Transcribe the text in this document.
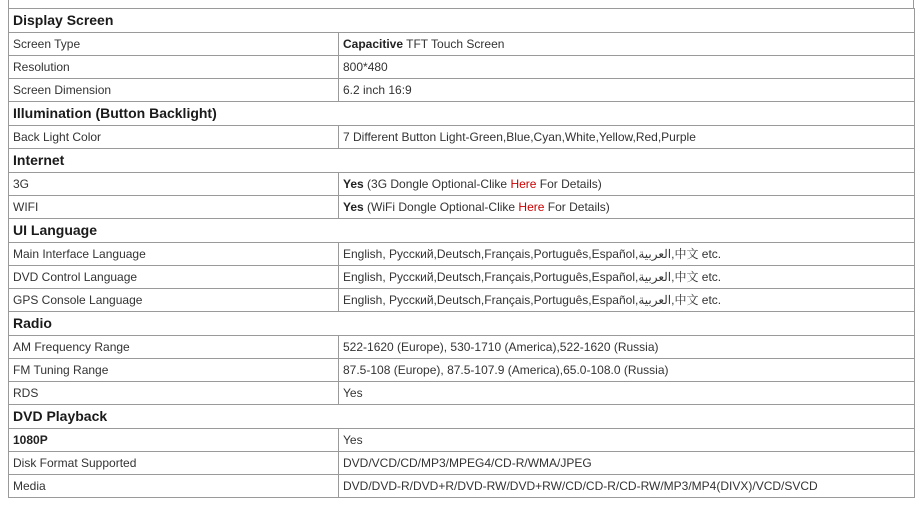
Display Screen	
Screen Type	Capacitive TFT Touch Screen
Resolution	800*480
Screen Dimension	6.2 inch 16:9
Illumination (Button Backlight)	
Back Light Color	7 Different Button Light-Green,Blue,Cyan,White,Yellow,Red,Purple
Internet	
3G	Yes (3G Dongle Optional-Clike Here For Details)
WIFI	Yes (WiFi Dongle Optional-Clike Here For Details)
UI Language	
Main Interface Language	English, Русский,Deutsch,Français,Português,Español,العربية,中文 etc.
DVD Control Language	English, Русский,Deutsch,Français,Português,Español,العربية,中文 etc.
GPS Console Language	English, Русский,Deutsch,Français,Português,Español,العربية,中文 etc.
Radio	
AM Frequency Range	522-1620 (Europe), 530-1710 (America),522-1620 (Russia)
FM Tuning Range	87.5-108 (Europe), 87.5-107.9 (America),65.0-108.0 (Russia)
RDS	Yes
DVD Playback	
1080P	Yes
Disk Format Supported	DVD/VCD/CD/MP3/MPEG4/CD-R/WMA/JPEG
Media	DVD/DVD-R/DVD+R/DVD-RW/DVD+RW/CD/CD-R/CD-RW/MP3/MP4(DIVX)/VCD/SVCD
